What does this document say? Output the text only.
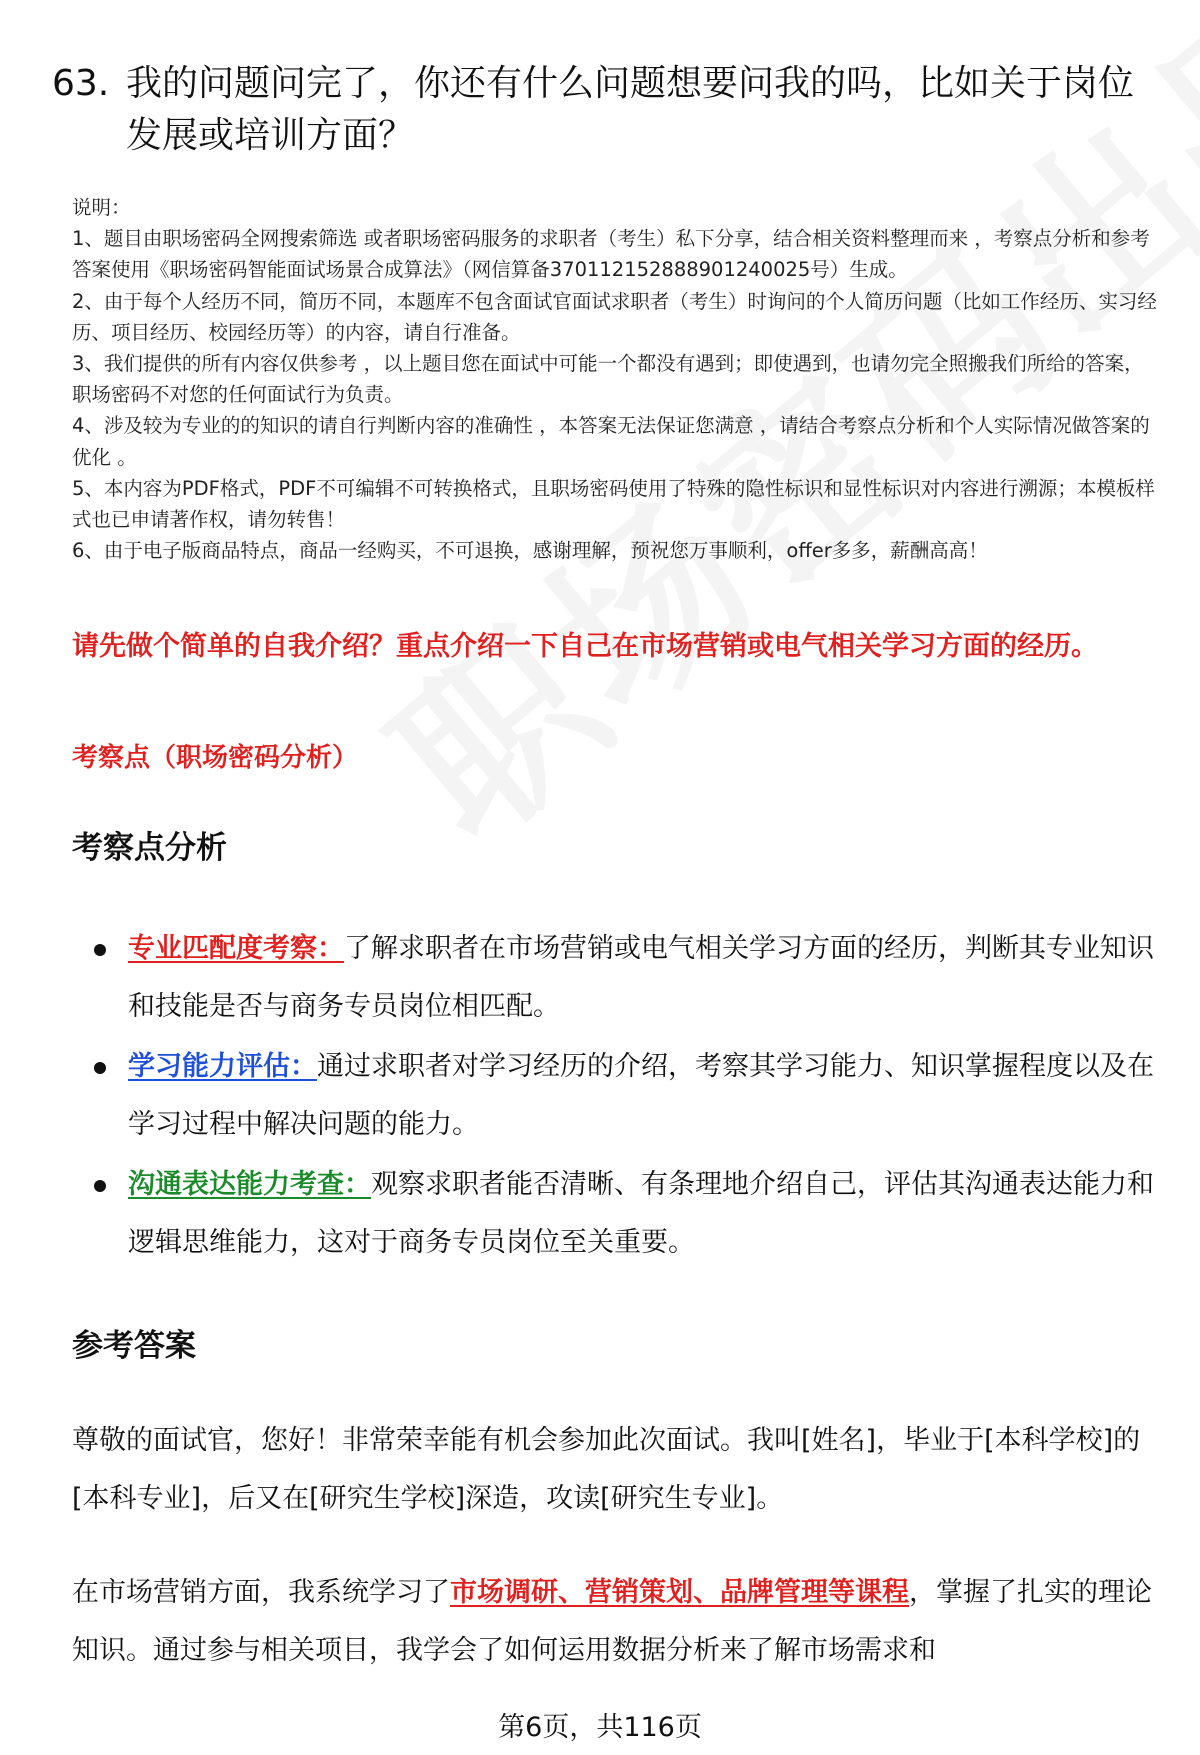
63. 我的问题问完了，你还有什么问题想要问我的吗，比如关于岗位发展或培训方面？

说明：

1、题目由职场密码全网搜索筛选 或者职场密码服务的求职者（考生）私下分享，结合相关资料整理而来 ，考察点分析和参考答案使用《职场密码智能面试场景合成算法》（网信算备370112152888901240025号）生成。

2、由于每个人经历不同，简历不同，本题库不包含面试官面试求职者（考生）时询问的个人简历问题（比如工作经历、实习经历、项目经历、校园经历等）的内容，请自行准备。

3、我们提供的所有内容仅供参考 ，以上题目您在面试中可能一个都没有遇到；即使遇到，也请勿完全照搬我们所给的答案，职场密码不对您的任何面试行为负责。

4、涉及较为专业的的知识的请自行判断内容的准确性 ，本答案无法保证您满意 ，请结合考察点分析和个人实际情况做答案的优化 。

5、本内容为PDF格式，PDF不可编辑不可转换格式，且职场密码使用了特殊的隐性标识和显性标识对内容进行溯源；本模板样式也已申请著作权，请勿转售！

6、由于电子版商品特点，商品一经购买，不可退换，感谢理解，预祝您万事顺利，offer多多，薪酬高高！

请先做个简单的自我介绍？重点介绍一下自己在市场营销或电气相关学习方面的经历。
考察点（职场密码分析）
考察点分析
专业匹配度考察：了解求职者在市场营销或电气相关学习方面的经历，判断其专业知识和技能是否与商务专员岗位相匹配。
学习能力评估：通过求职者对学习经历的介绍，考察其学习能力、知识掌握程度以及在学习过程中解决问题的能力。
沟通表达能力考查：观察求职者能否清晰、有条理地介绍自己，评估其沟通表达能力和逻辑思维能力，这对于商务专员岗位至关重要。
参考答案

尊敬的面试官，您好！非常荣幸能有机会参加此次面试。我叫[姓名]，毕业于[本科学校]的[本科专业]，后又在[研究生学校]深造，攻读[研究生专业]。

在市场营销方面，我系统学习了市场调研、营销策划、品牌管理等课程，掌握了扎实的理论知识。通过参与相关项目，我学会了如何运用数据分析来了解市场需求和

第6页，共116页
